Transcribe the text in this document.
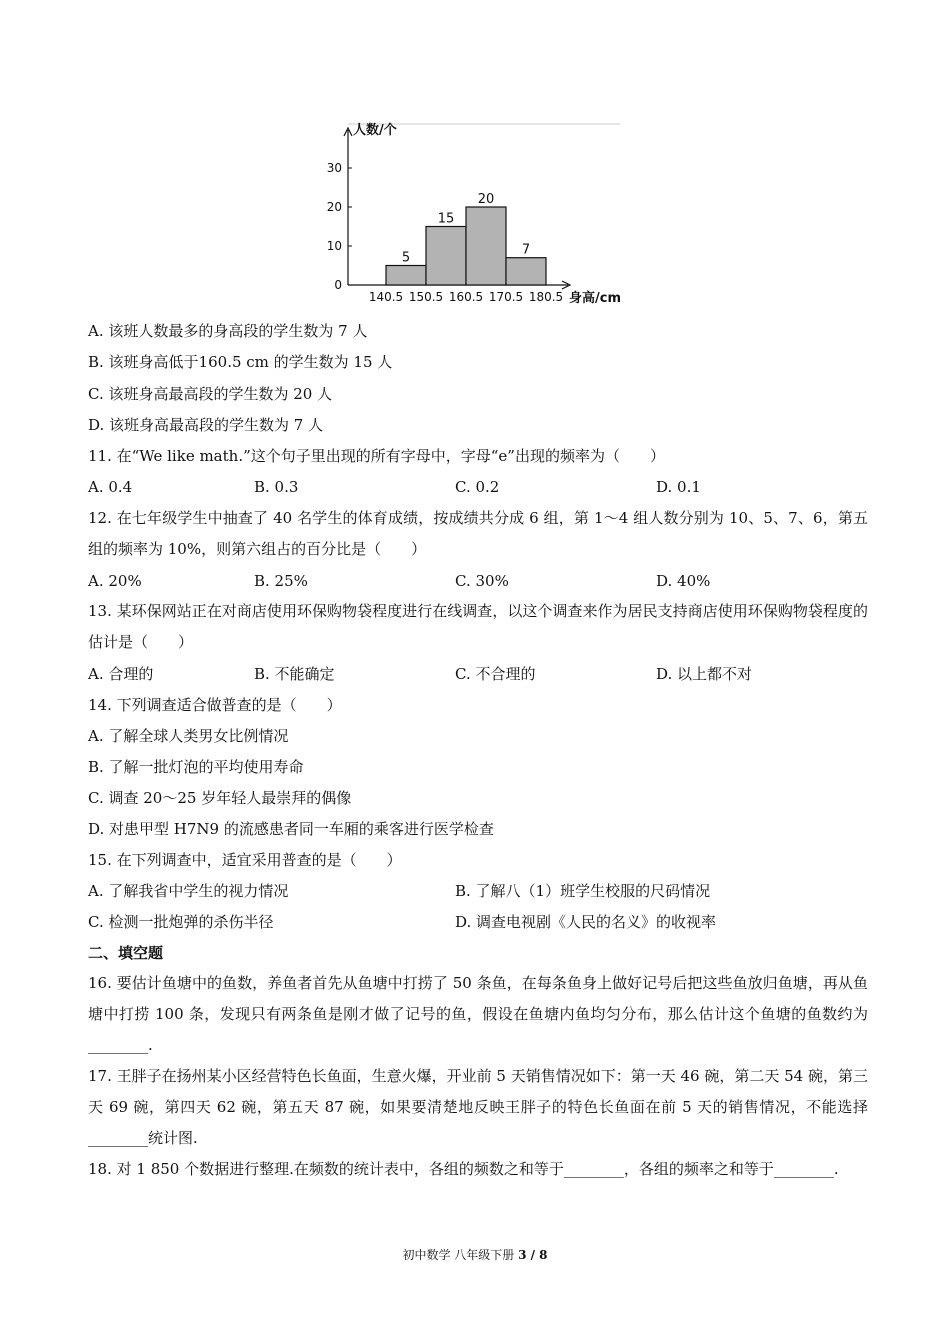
0
10
20
30
人数/个
5
15
20
7
140.5 150.5 160.5 170.5 180.5 身高/cm
A. 该班人数最多的身高段的学生数为 7 人
B. 该班身高低于160.5 cm 的学生数为 15 人
C. 该班身高最高段的学生数为 20 人
D. 该班身高最高段的学生数为 7 人
11. 在“We like math.”这个句子里出现的所有字母中，字母“e”出现的频率为（　　）
A. 0.4	B. 0.3	C. 0.2	D. 0.1
12. 在七年级学生中抽查了 40 名学生的体育成绩，按成绩共分成 6 组，第 1～4 组人数分别为 10、5、7、6，第五组的频率为 10%，则第六组占的百分比是（　　）
A. 20%	B. 25%	C. 30%	D. 40%
13. 某环保网站正在对商店使用环保购物袋程度进行在线调查，以这个调查来作为居民支持商店使用环保购物袋程度的估计是（　　）
A. 合理的	B. 不能确定	C. 不合理的	D. 以上都不对
14. 下列调查适合做普查的是（　　）
A. 了解全球人类男女比例情况
B. 了解一批灯泡的平均使用寿命
C. 调查 20～25 岁年轻人最崇拜的偶像
D. 对患甲型 H7N9 的流感患者同一车厢的乘客进行医学检查
15. 在下列调查中，适宜采用普查的是（　　）
A. 了解我省中学生的视力情况	B. 了解八（1）班学生校服的尺码情况
C. 检测一批炮弹的杀伤半径	D. 调查电视剧《人民的名义》的收视率
二、填空题
16. 要估计鱼塘中的鱼数，养鱼者首先从鱼塘中打捞了 50 条鱼，在每条鱼身上做好记号后把这些鱼放归鱼塘，再从鱼塘中打捞 100 条，发现只有两条鱼是刚才做了记号的鱼，假设在鱼塘内鱼均匀分布，那么估计这个鱼塘的鱼数约为________.
17. 王胖子在扬州某小区经营特色长鱼面，生意火爆，开业前 5 天销售情况如下：第一天 46 碗，第二天 54 碗，第三天 69 碗，第四天 62 碗，第五天 87 碗，如果要清楚地反映王胖子的特色长鱼面在前 5 天的销售情况，不能选择________统计图.
18. 对 1 850 个数据进行整理.在频数的统计表中，各组的频数之和等于________，各组的频率之和等于________.
初中数学 八年级下册 3 / 8
